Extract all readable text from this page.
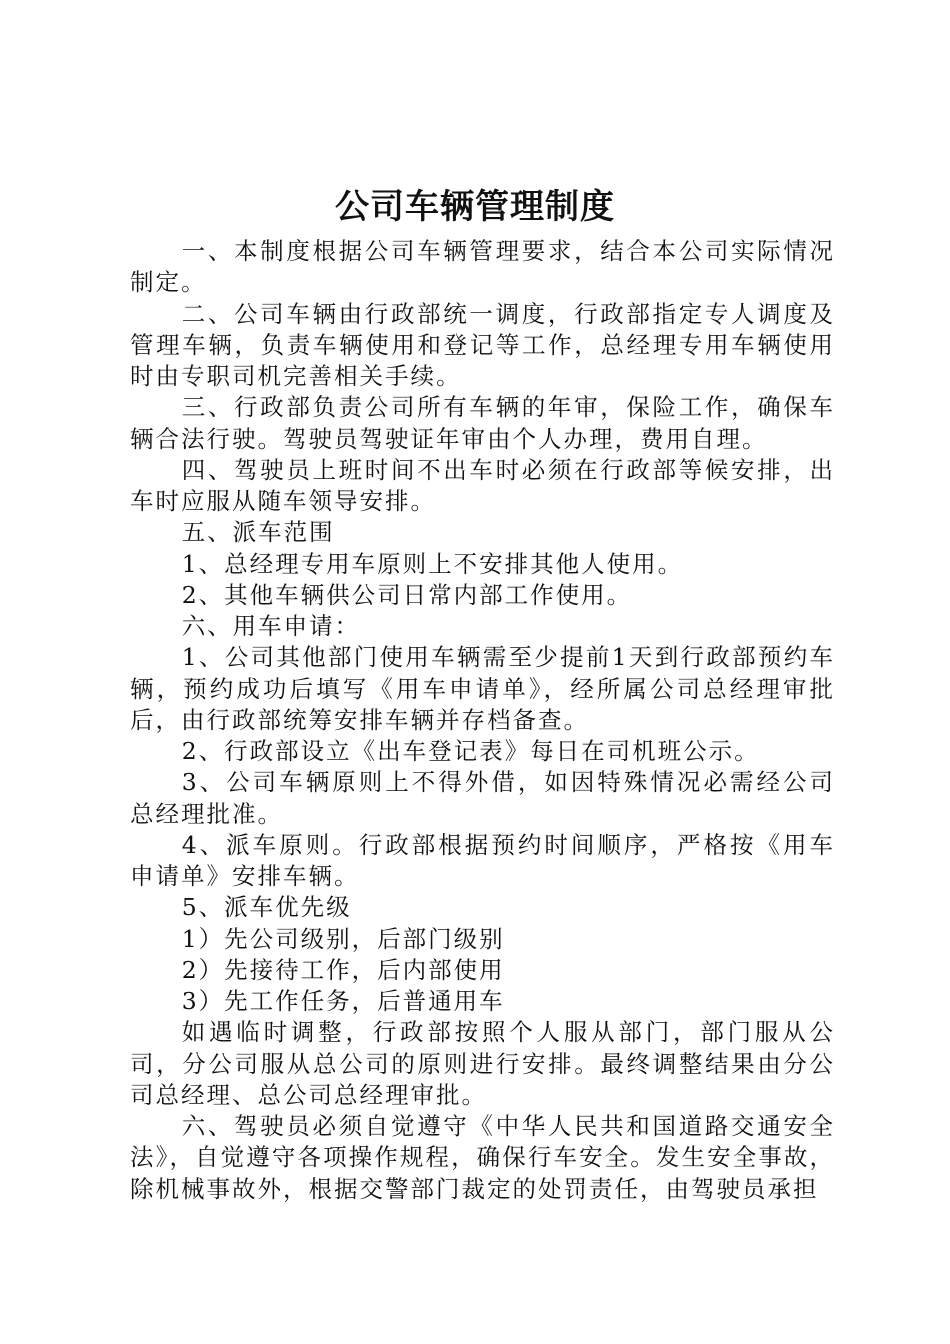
公司车辆管理制度

一、本制度根据公司车辆管理要求，结合本公司实际情况制定。

二、公司车辆由行政部统一调度，行政部指定专人调度及管理车辆，负责车辆使用和登记等工作，总经理专用车辆使用时由专职司机完善相关手续。

三、行政部负责公司所有车辆的年审，保险工作，确保车辆合法行驶。驾驶员驾驶证年审由个人办理，费用自理。

四、驾驶员上班时间不出车时必须在行政部等候安排，出车时应服从随车领导安排。

五、派车范围

1、总经理专用车原则上不安排其他人使用。

2、其他车辆供公司日常内部工作使用。

六、用车申请：

1、公司其他部门使用车辆需至少提前1天到行政部预约车辆，预约成功后填写《用车申请单》，经所属公司总经理审批后，由行政部统筹安排车辆并存档备查。

2、行政部设立《出车登记表》每日在司机班公示。

3、公司车辆原则上不得外借，如因特殊情况必需经公司总经理批准。

4、派车原则。行政部根据预约时间顺序，严格按《用车申请单》安排车辆。

5、派车优先级

1）先公司级别，后部门级别

2）先接待工作，后内部使用

3）先工作任务，后普通用车

如遇临时调整，行政部按照个人服从部门，部门服从公司，分公司服从总公司的原则进行安排。最终调整结果由分公司总经理、总公司总经理审批。

六、驾驶员必须自觉遵守《中华人民共和国道路交通安全法》，自觉遵守各项操作规程，确保行车安全。发生安全事故，除机械事故外，根据交警部门裁定的处罚责任，由驾驶员承担
